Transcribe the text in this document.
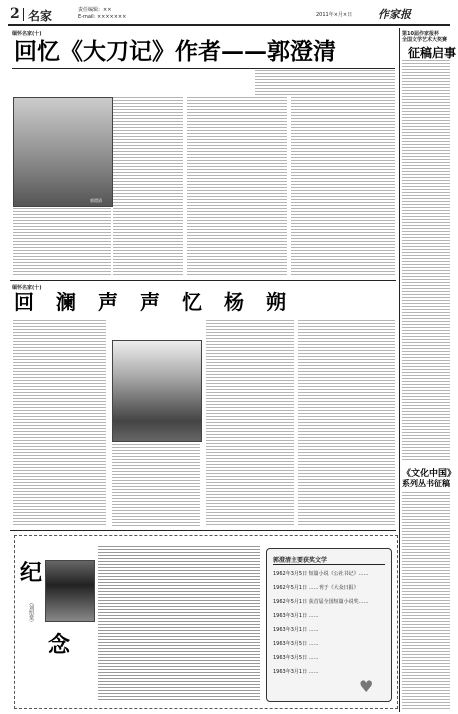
2 名家	责任编辑：××
E-mail: ×××××××	2011年×月×日 作家报
缅怀名家(十)
回忆《大刀记》作者——郭澄清
郭澄清
缅怀名家(十)
回澜声声忆杨朔
第10届作家报杯
全国文学艺术大奖赛
征稿启事
《文化中国》
系列丛书征稿
纪
（刘绍棠）
念
郭澄清主要获奖文学
1962年3月5日 短篇小说《公社书记》……
1962年5月1日 ……刊于《大众日报》
1962年5月1日 获首届全国短篇小说奖……
1963年3月1日 ……
1963年3月1日 ……
1963年3月5日 ……
1963年3月5日 ……
1963年3月1日 ……
♥
